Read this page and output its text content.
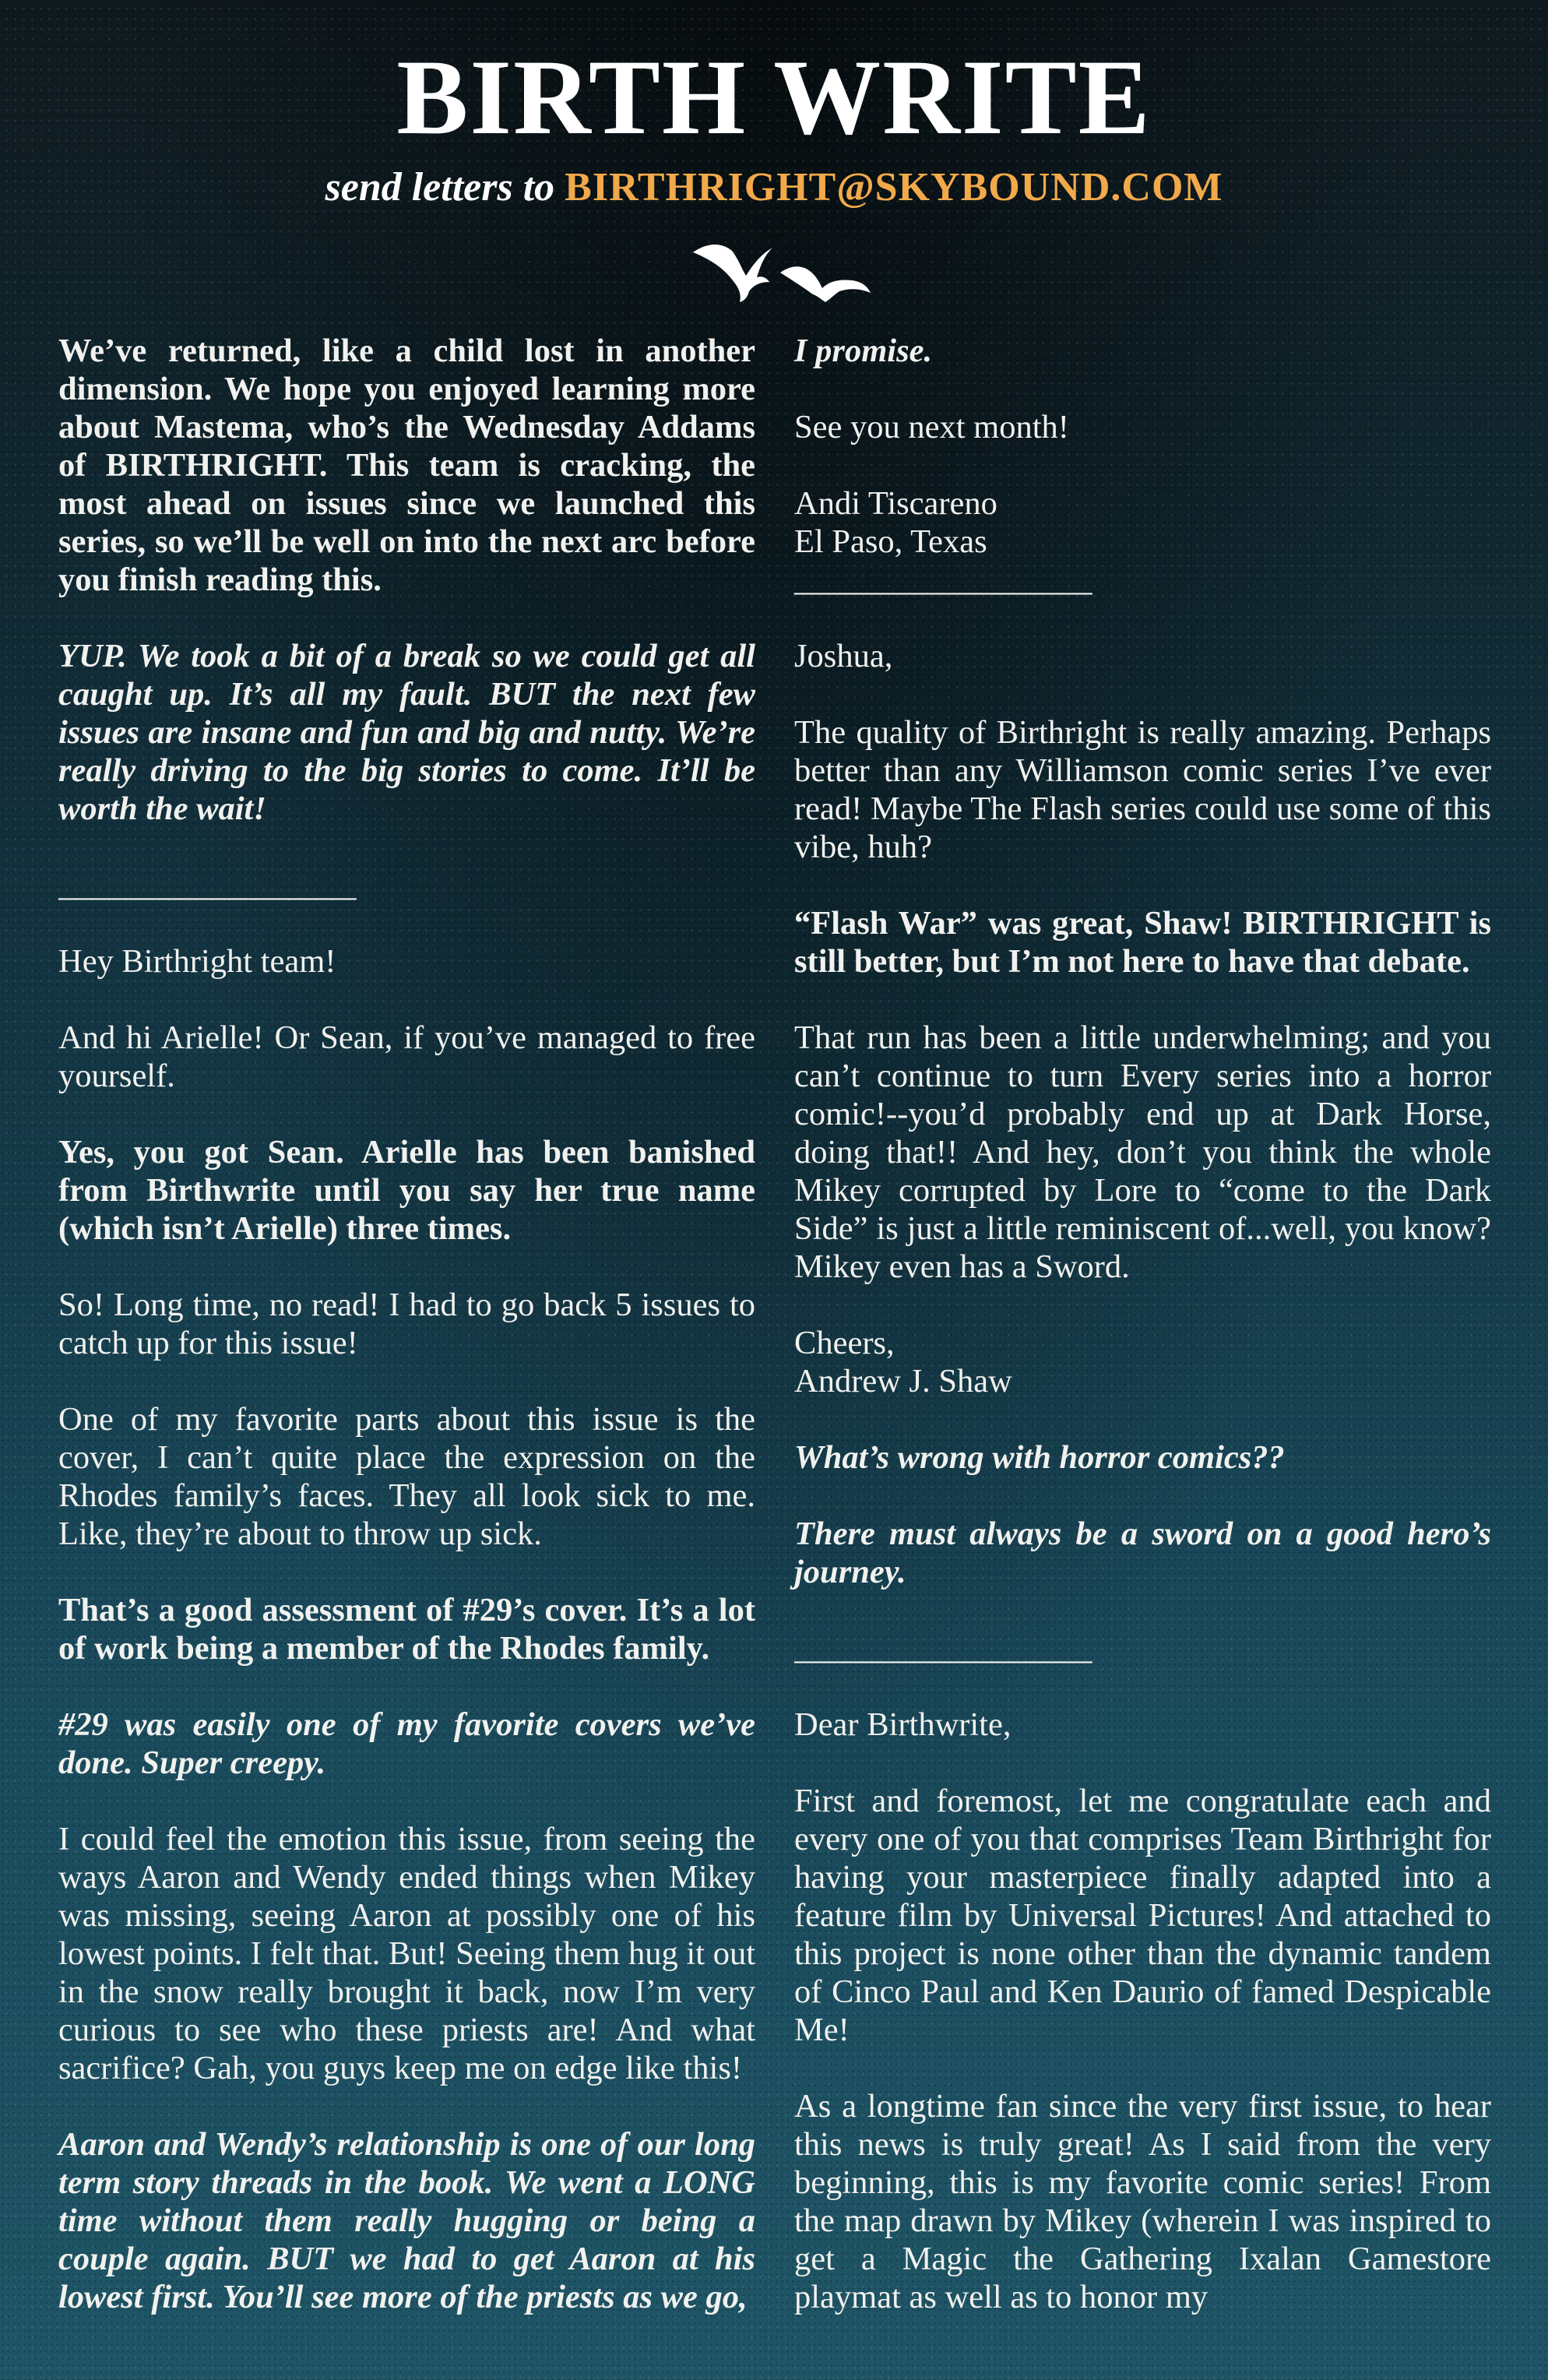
BIRTH WRITE
send letters to BIRTHRIGHT@SKYBOUND.COM

We’ve returned, like a child lost in another dimension. We hope you enjoyed learning more about Mastema, who’s the Wednesday Addams of BIRTHRIGHT. This team is cracking, the most ahead on issues since we launched this series, so we’ll be well on into the next arc before you finish reading this.

YUP. We took a bit of a break so we could get all caught up. It’s all my fault. BUT the next few issues are insane and fun and big and nutty. We’re really driving to the big stories to come. It’ll be worth the wait!

__________________

Hey Birthright team!

And hi Arielle! Or Sean, if you’ve managed to free yourself.

Yes, you got Sean. Arielle has been banished from Birthwrite until you say her true name (which isn’t Arielle) three times.

So! Long time, no read! I had to go back 5 issues to catch up for this issue!

One of my favorite parts about this issue is the cover, I can’t quite place the expression on the Rhodes family’s faces. They all look sick to me. Like, they’re about to throw up sick.

That’s a good assessment of #29’s cover. It’s a lot of work being a member of the Rhodes family.

#29 was easily one of my favorite covers we’ve done. Super creepy.

I could feel the emotion this issue, from seeing the ways Aaron and Wendy ended things when Mikey was missing, seeing Aaron at possibly one of his lowest points. I felt that. But! Seeing them hug it out in the snow really brought it back, now I’m very curious to see who these priests are! And what sacrifice? Gah, you guys keep me on edge like this!

Aaron and Wendy’s relationship is one of our long term story threads in the book. We went a LONG time without them really hugging or being a couple again. BUT we had to get Aaron at his lowest first. You’ll see more of the priests as we go,

I promise.

See you next month!

Andi Tiscareno
El Paso, Texas
__________________

Joshua,

The quality of Birthright is really amazing. Perhaps better than any Williamson comic series I’ve ever read! Maybe The Flash series could use some of this vibe, huh?

“Flash War” was great, Shaw! BIRTHRIGHT is still better, but I’m not here to have that debate.

That run has been a little underwhelming; and you can’t continue to turn Every series into a horror comic!--you’d probably end up at Dark Horse, doing that!! And hey, don’t you think the whole Mikey corrupted by Lore to “come to the Dark Side” is just a little reminiscent of...well, you know? Mikey even has a Sword.

Cheers,
Andrew J. Shaw

What’s wrong with horror comics??

There must always be a sword on a good hero’s journey.

__________________

Dear Birthwrite,

First and foremost, let me congratulate each and every one of you that comprises Team Birthright for having your masterpiece finally adapted into a feature film by Universal Pictures! And attached to this project is none other than the dynamic tandem of Cinco Paul and Ken Daurio of famed Despicable Me!

As a longtime fan since the very first issue, to hear this news is truly great! As I said from the very beginning, this is my favorite comic series! From the map drawn by Mikey (wherein I was inspired to get a Magic the Gathering Ixalan Gamestore playmat as well as to honor my
